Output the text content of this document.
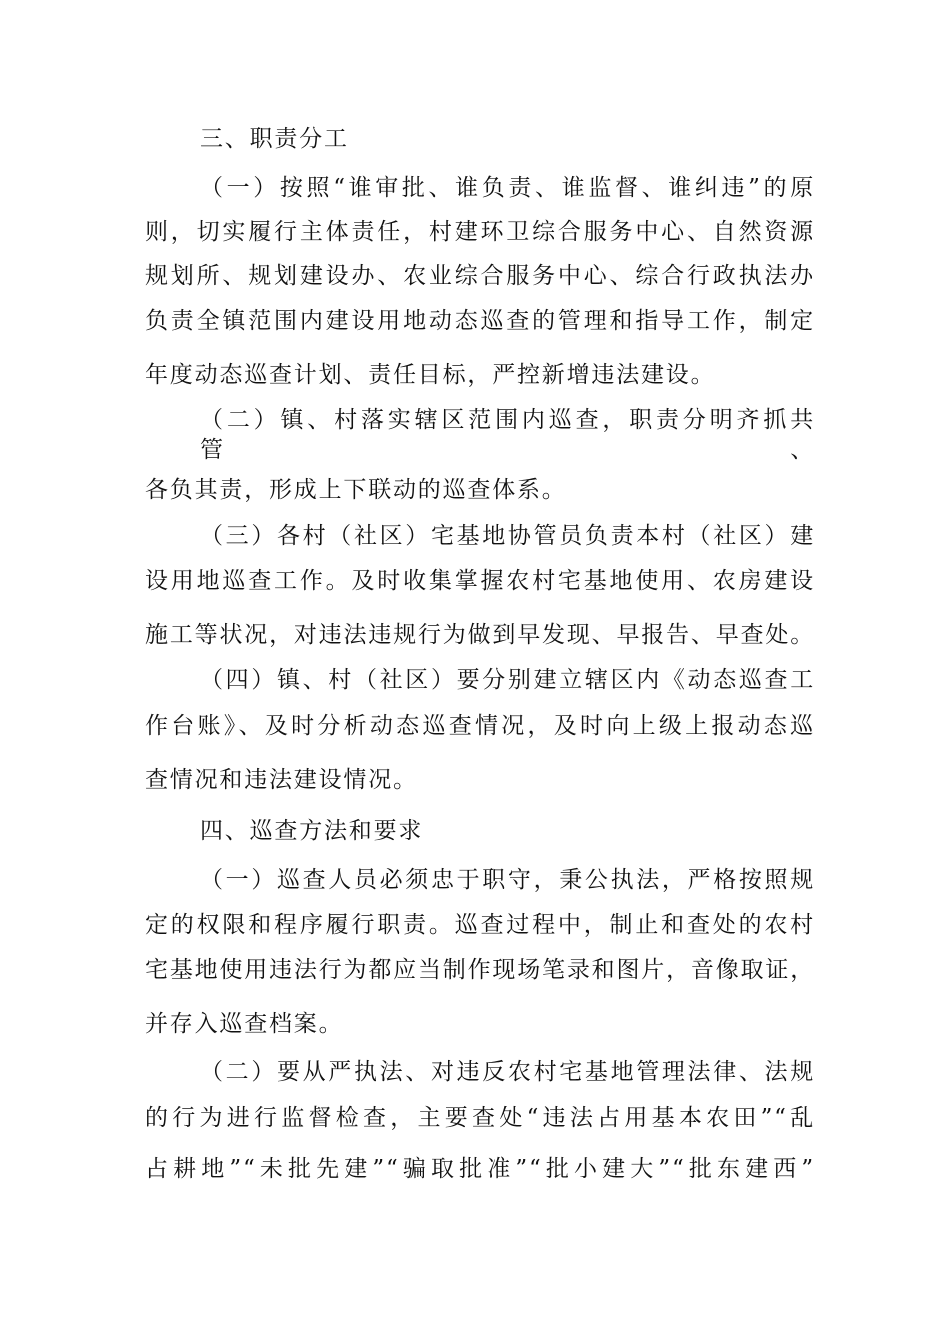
三、职责分工
（一）按照“谁审批、谁负责、谁监督、谁纠违”的原
则，切实履行主体责任，村建环卫综合服务中心、自然资源
规划所、规划建设办、农业综合服务中心、综合行政执法办
负责全镇范围内建设用地动态巡查的管理和指导工作，制定
年度动态巡查计划、责任目标，严控新增违法建设。
（二）镇、村落实辖区范围内巡查，职责分明齐抓共管、
各负其责，形成上下联动的巡查体系。
（三）各村（社区）宅基地协管员负责本村（社区）建
设用地巡查工作。及时收集掌握农村宅基地使用、农房建设
施工等状况，对违法违规行为做到早发现、早报告、早查处。
（四）镇、村（社区）要分别建立辖区内《动态巡查工
作台账》、及时分析动态巡查情况，及时向上级上报动态巡
查情况和违法建设情况。
四、巡查方法和要求
（一）巡查人员必须忠于职守，秉公执法，严格按照规
定的权限和程序履行职责。巡查过程中，制止和查处的农村
宅基地使用违法行为都应当制作现场笔录和图片，音像取证，
并存入巡查档案。
（二）要从严执法、对违反农村宅基地管理法律、法规
的行为进行监督检查，主要查处“违法占用基本农田”“乱
占耕地”“未批先建”“骗取批准”“批小建大”“批东建西”
